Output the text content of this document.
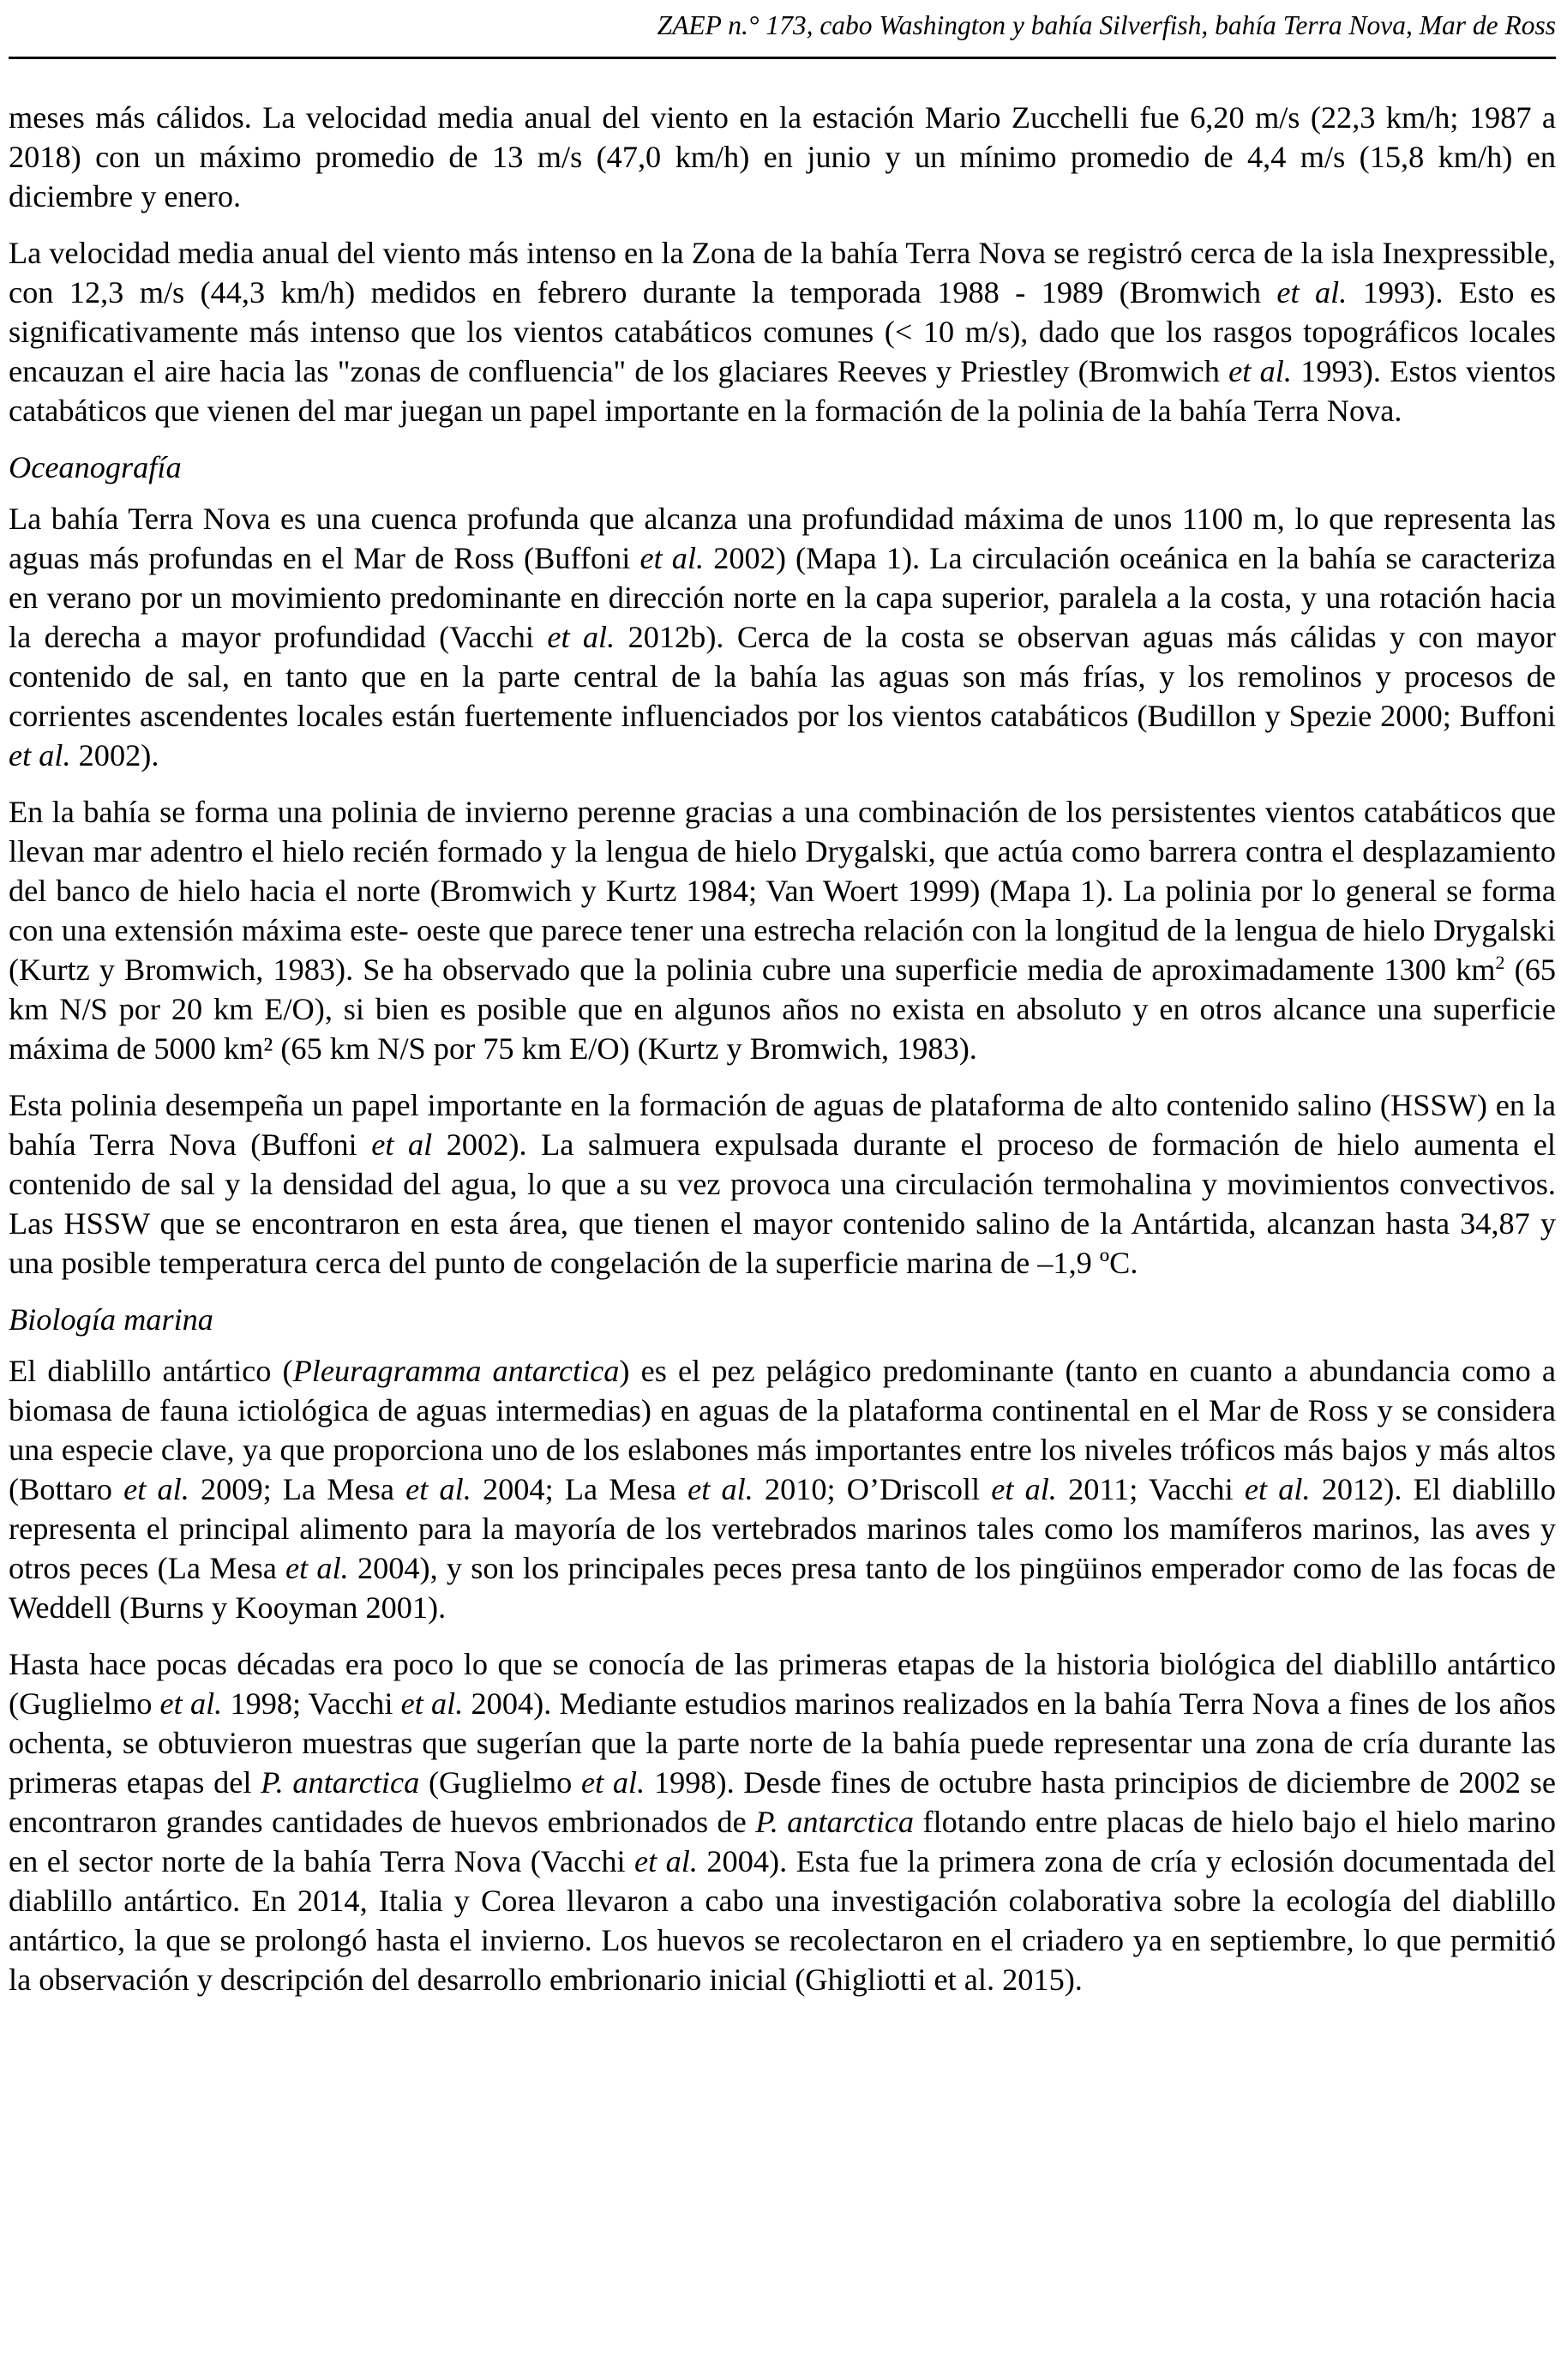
ZAEP n.° 173, cabo Washington y bahía Silverfish, bahía Terra Nova, Mar de Ross

meses más cálidos. La velocidad media anual del viento en la estación Mario Zucchelli fue 6,20 m/s (22,3 km/h; 1987 a 2018) con un máximo promedio de 13 m/s (47,0 km/h) en junio y un mínimo promedio de 4,4 m/s (15,8 km/h) en diciembre y enero.

La velocidad media anual del viento más intenso en la Zona de la bahía Terra Nova se registró cerca de la isla Inexpressible, con 12,3 m/s (44,3 km/h) medidos en febrero durante la temporada 1988 - 1989 (Bromwich et al. 1993). Esto es significativamente más intenso que los vientos catabáticos comunes (< 10 m/s), dado que los rasgos topográficos locales encauzan el aire hacia las "zonas de confluencia" de los glaciares Reeves y Priestley (Bromwich et al. 1993). Estos vientos catabáticos que vienen del mar juegan un papel importante en la formación de la polinia de la bahía Terra Nova.

Oceanografía

La bahía Terra Nova es una cuenca profunda que alcanza una profundidad máxima de unos 1100 m, lo que representa las aguas más profundas en el Mar de Ross (Buffoni et al. 2002) (Mapa 1). La circulación oceánica en la bahía se caracteriza en verano por un movimiento predominante en dirección norte en la capa superior, paralela a la costa, y una rotación hacia la derecha a mayor profundidad (Vacchi et al. 2012b). Cerca de la costa se observan aguas más cálidas y con mayor contenido de sal, en tanto que en la parte central de la bahía las aguas son más frías, y los remolinos y procesos de corrientes ascendentes locales están fuertemente influenciados por los vientos catabáticos (Budillon y Spezie 2000; Buffoni et al. 2002).

En la bahía se forma una polinia de invierno perenne gracias a una combinación de los persistentes vientos catabáticos que llevan mar adentro el hielo recién formado y la lengua de hielo Drygalski, que actúa como barrera contra el desplazamiento del banco de hielo hacia el norte (Bromwich y Kurtz 1984; Van Woert 1999) (Mapa 1). La polinia por lo general se forma con una extensión máxima este- oeste que parece tener una estrecha relación con la longitud de la lengua de hielo Drygalski (Kurtz y Bromwich, 1983). Se ha observado que la polinia cubre una superficie media de aproximadamente 1300 $km^2$ (65 km N/S por 20 km E/O), si bien es posible que en algunos años no exista en absoluto y en otros alcance una superficie máxima de 5000 km² (65 km N/S por 75 km E/O) (Kurtz y Bromwich, 1983).

Esta polinia desempeña un papel importante en la formación de aguas de plataforma de alto contenido salino (HSSW) en la bahía Terra Nova (Buffoni et al 2002). La salmuera expulsada durante el proceso de formación de hielo aumenta el contenido de sal y la densidad del agua, lo que a su vez provoca una circulación termohalina y movimientos convectivos. Las HSSW que se encontraron en esta área, que tienen el mayor contenido salino de la Antártida, alcanzan hasta 34,87 y una posible temperatura cerca del punto de congelación de la superficie marina de –1,9 ºC.

Biología marina

El diablillo antártico (Pleuragramma antarctica) es el pez pelágico predominante (tanto en cuanto a abundancia como a biomasa de fauna ictiológica de aguas intermedias) en aguas de la plataforma continental en el Mar de Ross y se considera una especie clave, ya que proporciona uno de los eslabones más importantes entre los niveles tróficos más bajos y más altos (Bottaro et al. 2009; La Mesa et al. 2004; La Mesa et al. 2010; O’Driscoll et al. 2011; Vacchi et al. 2012). El diablillo representa el principal alimento para la mayoría de los vertebrados marinos tales como los mamíferos marinos, las aves y otros peces (La Mesa et al. 2004), y son los principales peces presa tanto de los pingüinos emperador como de las focas de Weddell (Burns y Kooyman 2001).

Hasta hace pocas décadas era poco lo que se conocía de las primeras etapas de la historia biológica del diablillo antártico (Guglielmo et al. 1998; Vacchi et al. 2004). Mediante estudios marinos realizados en la bahía Terra Nova a fines de los años ochenta, se obtuvieron muestras que sugerían que la parte norte de la bahía puede representar una zona de cría durante las primeras etapas del P. antarctica (Guglielmo et al. 1998). Desde fines de octubre hasta principios de diciembre de 2002 se encontraron grandes cantidades de huevos embrionados de P. antarctica flotando entre placas de hielo bajo el hielo marino en el sector norte de la bahía Terra Nova (Vacchi et al. 2004). Esta fue la primera zona de cría y eclosión documentada del diablillo antártico. En 2014, Italia y Corea llevaron a cabo una investigación colaborativa sobre la ecología del diablillo antártico, la que se prolongó hasta el invierno. Los huevos se recolectaron en el criadero ya en septiembre, lo que permitió la observación y descripción del desarrollo embrionario inicial (Ghigliotti et al. 2015).
